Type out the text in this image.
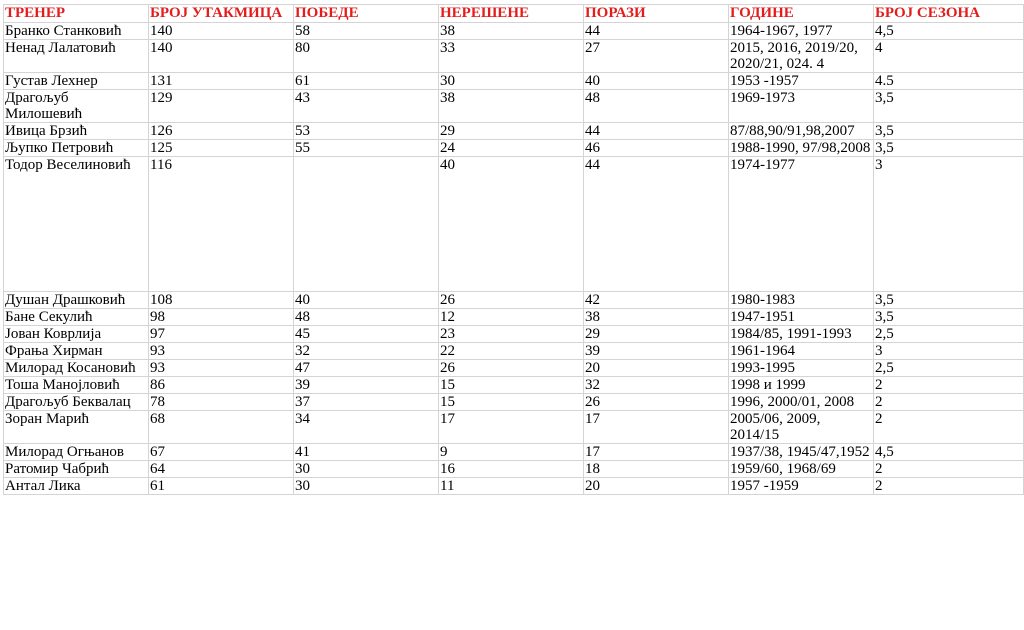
ТРЕНЕР	БРОЈ УТАКМИЦА	ПОБЕДЕ	НЕРЕШЕНЕ	ПОРАЗИ	ГОДИНЕ	БРОЈ СЕЗОНА
Бранко Станковић	140	58	38	44	1964-1967, 1977	4,5
Ненад Лалатовић	140	80	33	27	2015, 2016, 2019/20, 2020/21, 024. 4	4
Густав Лехнер	131	61	30	40	1953 -1957	4.5
Драгољуб Милошевић	129	43	38	48	1969-1973	3,5
Ивица Брзић	126	53	29	44	87/88,90/91,98,2007	3,5
Љупко Петровић	125	55	24	46	1988-1990, 97/98,2008	3,5
Тодор Веселиновић	116		40	44	1974-1977	3
Душан Драшковић	108	40	26	42	1980-1983	3,5
Бане Секулић	98	48	12	38	1947-1951	3,5
Јован Коврлија	97	45	23	29	1984/85, 1991-1993	2,5
Фрања Хирман	93	32	22	39	1961-1964	3
Милорад Косановић	93	47	26	20	1993-1995	2,5
Тоша Манојловић	86	39	15	32	1998 и 1999	2
Драгољуб Беквалац	78	37	15	26	1996, 2000/01, 2008	2
Зоран Марић	68	34	17	17	2005/06, 2009, 2014/15	2
Милорад Огњанов	67	41	9	17	1937/38, 1945/47,1952	4,5
Ратомир Чабрић	64	30	16	18	1959/60, 1968/69	2
Антал Лика	61	30	11	20	1957 -1959	2
